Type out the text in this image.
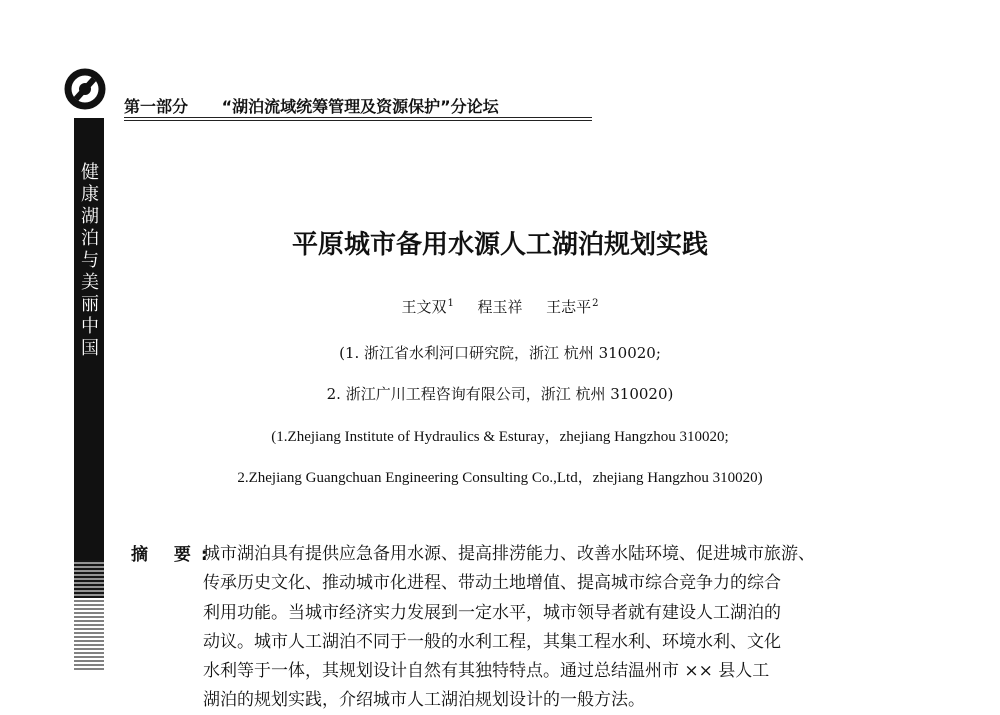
健
康
湖
泊
与
美
丽
中
国
第一部分 “湖泊流域统筹管理及资源保护”分论坛
平原城市备用水源人工湖泊规划实践
王文双$^1$ 程玉祥 王志平$^2$
(1. 浙江省水利河口研究院，浙江 杭州 310020;
2. 浙江广川工程咨询有限公司，浙江 杭州 310020)
(1.Zhejiang Institute of Hydraulics & Esturay，zhejiang Hangzhou 310020;
2.Zhejiang Guangchuan Engineering Consulting Co.,Ltd，zhejiang Hangzhou 310020)
摘 要:
城市湖泊具有提供应急备用水源、提高排涝能力、改善水陆环境、促进城市旅游、
传承历史文化、推动城市化进程、带动土地增值、提高城市综合竞争力的综合
利用功能。当城市经济实力发展到一定水平，城市领导者就有建设人工湖泊的
动议。城市人工湖泊不同于一般的水利工程，其集工程水利、环境水利、文化
水利等于一体，其规划设计自然有其独特特点。通过总结温州市 ×× 县人工
湖泊的规划实践，介绍城市人工湖泊规划设计的一般方法。
